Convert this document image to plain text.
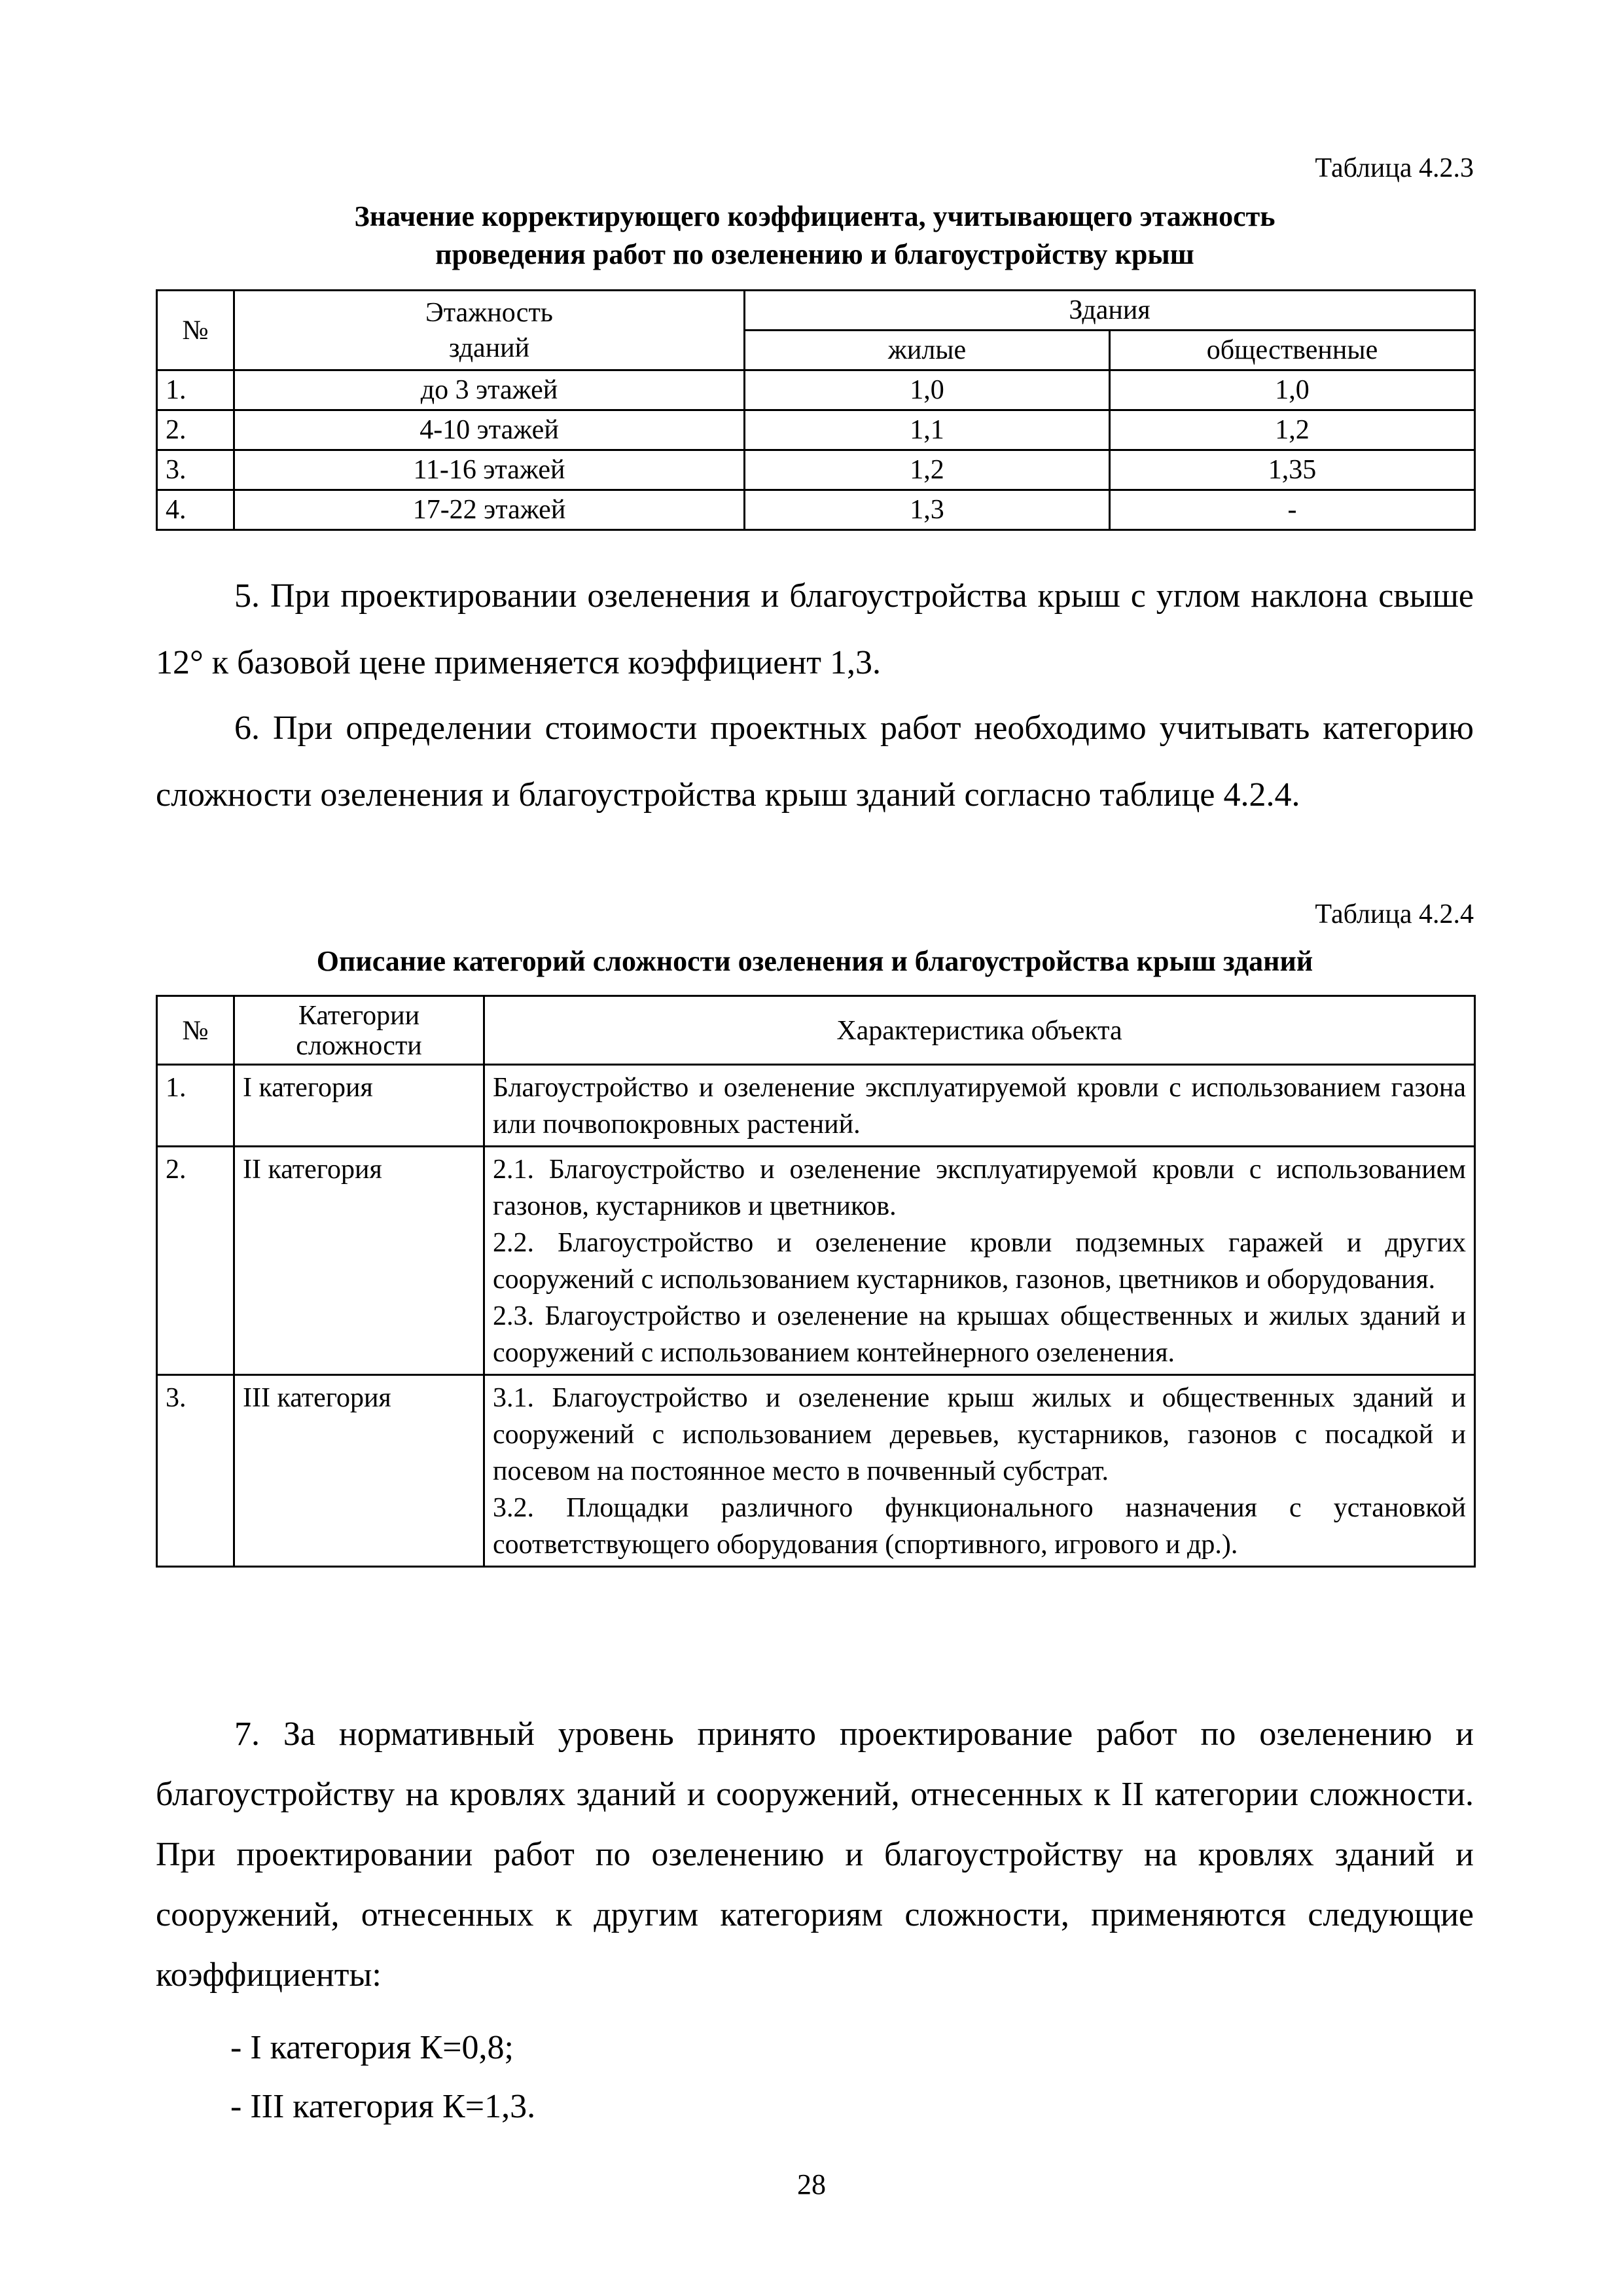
Таблица 4.2.3
Значение корректирующего коэффициента, учитывающего этажность
проведения работ по озеленению и благоустройству крыш
№	Этажность зданий	Здания	
		жилые	общественные
1.	до 3 этажей	1,0	1,0
2.	4-10 этажей	1,1	1,2
3.	11-16 этажей	1,2	1,35
4.	17-22 этажей	1,3	-
5. При проектировании озеленения и благоустройства крыш с углом наклона свыше 12° к базовой цене применяется коэффициент 1,3.
6. При определении стоимости проектных работ необходимо учитывать категорию сложности озеленения и благоустройства крыш зданий согласно таблице 4.2.4.
Таблица 4.2.4
Описание категорий сложности озеленения и благоустройства крыш зданий
№	Категории сложности	Характеристика объекта
1.	I категория	Благоустройство и озеленение эксплуатируемой кровли с использованием газона или почвопокровных растений.

2.	II категория	2.1. Благоустройство и озеленение эксплуатируемой кровли с использованием газонов, кустарников и цветников.
2.2. Благоустройство и озеленение кровли подземных гаражей и других сооружений с использованием кустарников, газонов, цветников и оборудования.
2.3. Благоустройство и озеленение на крышах общественных и жилых зданий и сооружений с использованием контейнерного озеленения.

3.	III категория	3.1. Благоустройство и озеленение крыш жилых и общественных зданий и сооружений с использованием деревьев, кустарников, газонов с посадкой и посевом на постоянное место в почвенный субстрат.
3.2. Площадки различного функционального назначения с установкой соответствующего оборудования (спортивного, игрового и др.).
7. За нормативный уровень принято проектирование работ по озеленению и благоустройству на кровлях зданий и сооружений, отнесенных к II категории сложности. При проектировании работ по озеленению и благоустройству на кровлях зданий и сооружений, отнесенных к другим категориям сложности, применяются следующие коэффициенты:
- I категория К=0,8;
- III категория К=1,3.
28
